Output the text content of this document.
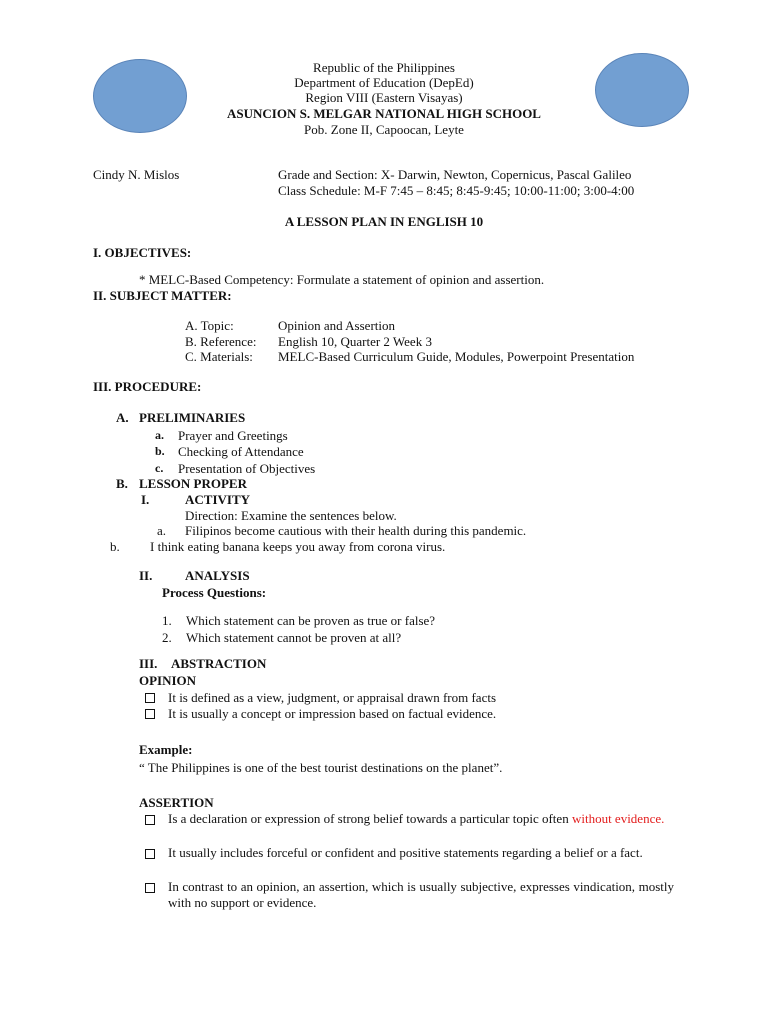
Republic of the Philippines
Department of Education (DepEd)
Region VIII (Eastern Visayas)
ASUNCION S. MELGAR NATIONAL HIGH SCHOOL
Pob. Zone II, Capoocan, Leyte
Cindy N. Mislos	Grade and Section: X- Darwin, Newton, Copernicus, Pascal Galileo
Class Schedule: M-F 7:45 – 8:45; 8:45-9:45; 10:00-11:00; 3:00-4:00
A LESSON PLAN IN ENGLISH 10
I. OBJECTIVES:
* MELC-Based Competency: Formulate a statement of opinion and assertion.
II. SUBJECT MATTER:
A. Topic:	Opinion and Assertion
B. Reference: English 10, Quarter 2 Week 3
C. Materials: MELC-Based Curriculum Guide, Modules, Powerpoint Presentation
III. PROCEDURE:
A. PRELIMINARIES
a. Prayer and Greetings
b. Checking of Attendance
c. Presentation of Objectives
B. LESSON PROPER
I.	ACTIVITY
Direction: Examine the sentences below.
a. Filipinos become cautious with their health during this pandemic.
b. I think eating banana keeps you away from corona virus.
II.	ANALYSIS
Process Questions:
1. Which statement can be proven as true or false?
2. Which statement cannot be proven at all?
III. ABSTRACTION
OPINION
It is defined as a view, judgment, or appraisal drawn from facts
It is usually a concept or impression based on factual evidence.
Example:
“ The Philippines is one of the best tourist destinations on the planet”.
ASSERTION
Is a declaration or expression of strong belief towards a particular topic often without evidence.
It usually includes forceful or confident and positive statements regarding a belief or a fact.
In contrast to an opinion, an assertion, which is usually subjective, expresses vindication, mostly with no support or evidence.
